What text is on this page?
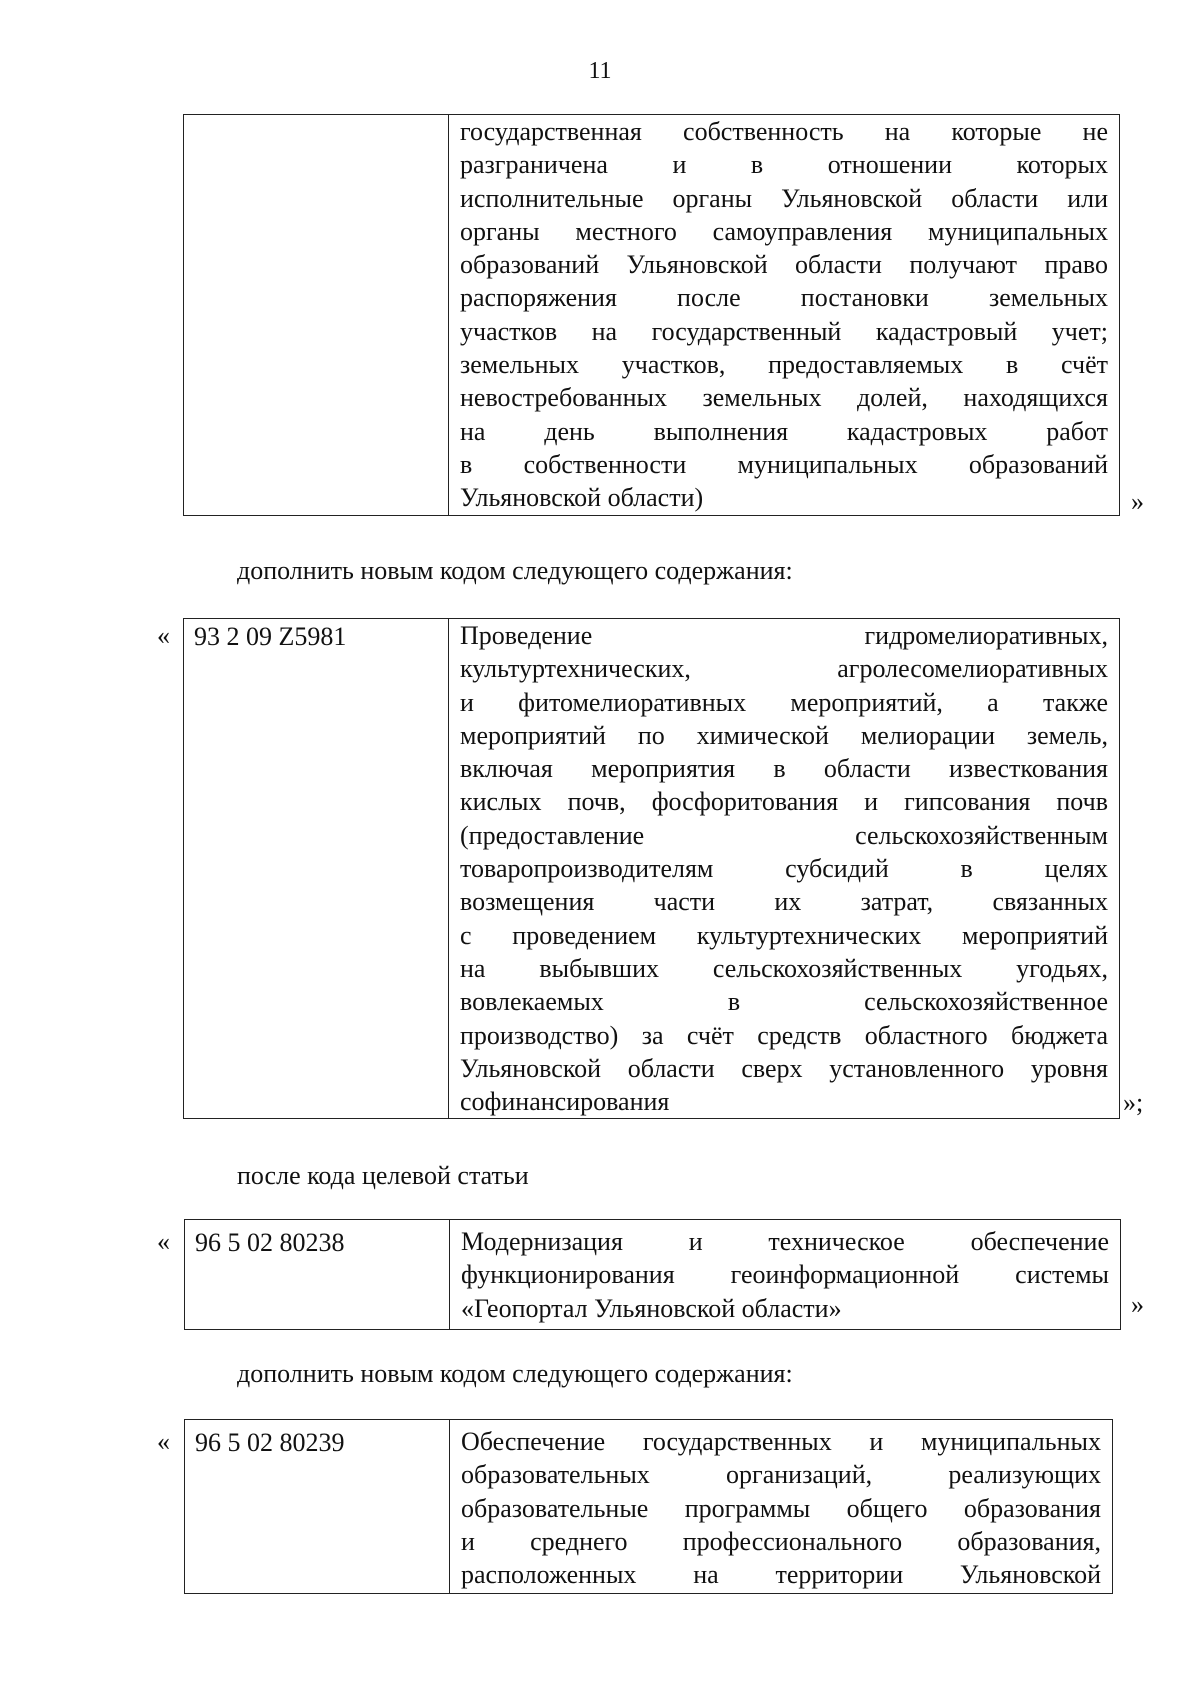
11

государственная собственность на которые не
разграничена и в отношении которых
исполнительные органы Ульяновской области или
органы местного самоуправления муниципальных
образований Ульяновской области получают право
распоряжения после постановки земельных
участков на государственный кадастровый учет;
земельных участков, предоставляемых в счёт
невостребованных земельных долей, находящихся
на день выполнения кадастровых работ
в собственности муниципальных образований
Ульяновской области)	»
дополнить новым кодом следующего содержания:
« 93 2 09 Z5981	Проведение гидромелиоративных,
культуртехнических, агролесомелиоративных
и фитомелиоративных мероприятий, а также
мероприятий по химической мелиорации земель,
включая мероприятия в области известкования
кислых почв, фосфоритования и гипсования почв
(предоставление сельскохозяйственным
товаропроизводителям субсидий в целях
возмещения части их затрат, связанных
с проведением культуртехнических мероприятий
на выбывших сельскохозяйственных угодьях,
вовлекаемых в сельскохозяйственное
производство) за счёт средств областного бюджета
Ульяновской области сверх установленного уровня
софинансирования	»;
после кода целевой статьи
« 96 5 02 80238	Модернизация и техническое обеспечение
функционирования геоинформационной системы
«Геопортал Ульяновской области»	»
дополнить новым кодом следующего содержания:
« 96 5 02 80239	Обеспечение государственных и муниципальных
образовательных организаций, реализующих
образовательные программы общего образования
и среднего профессионального образования,
расположенных на территории Ульяновской
